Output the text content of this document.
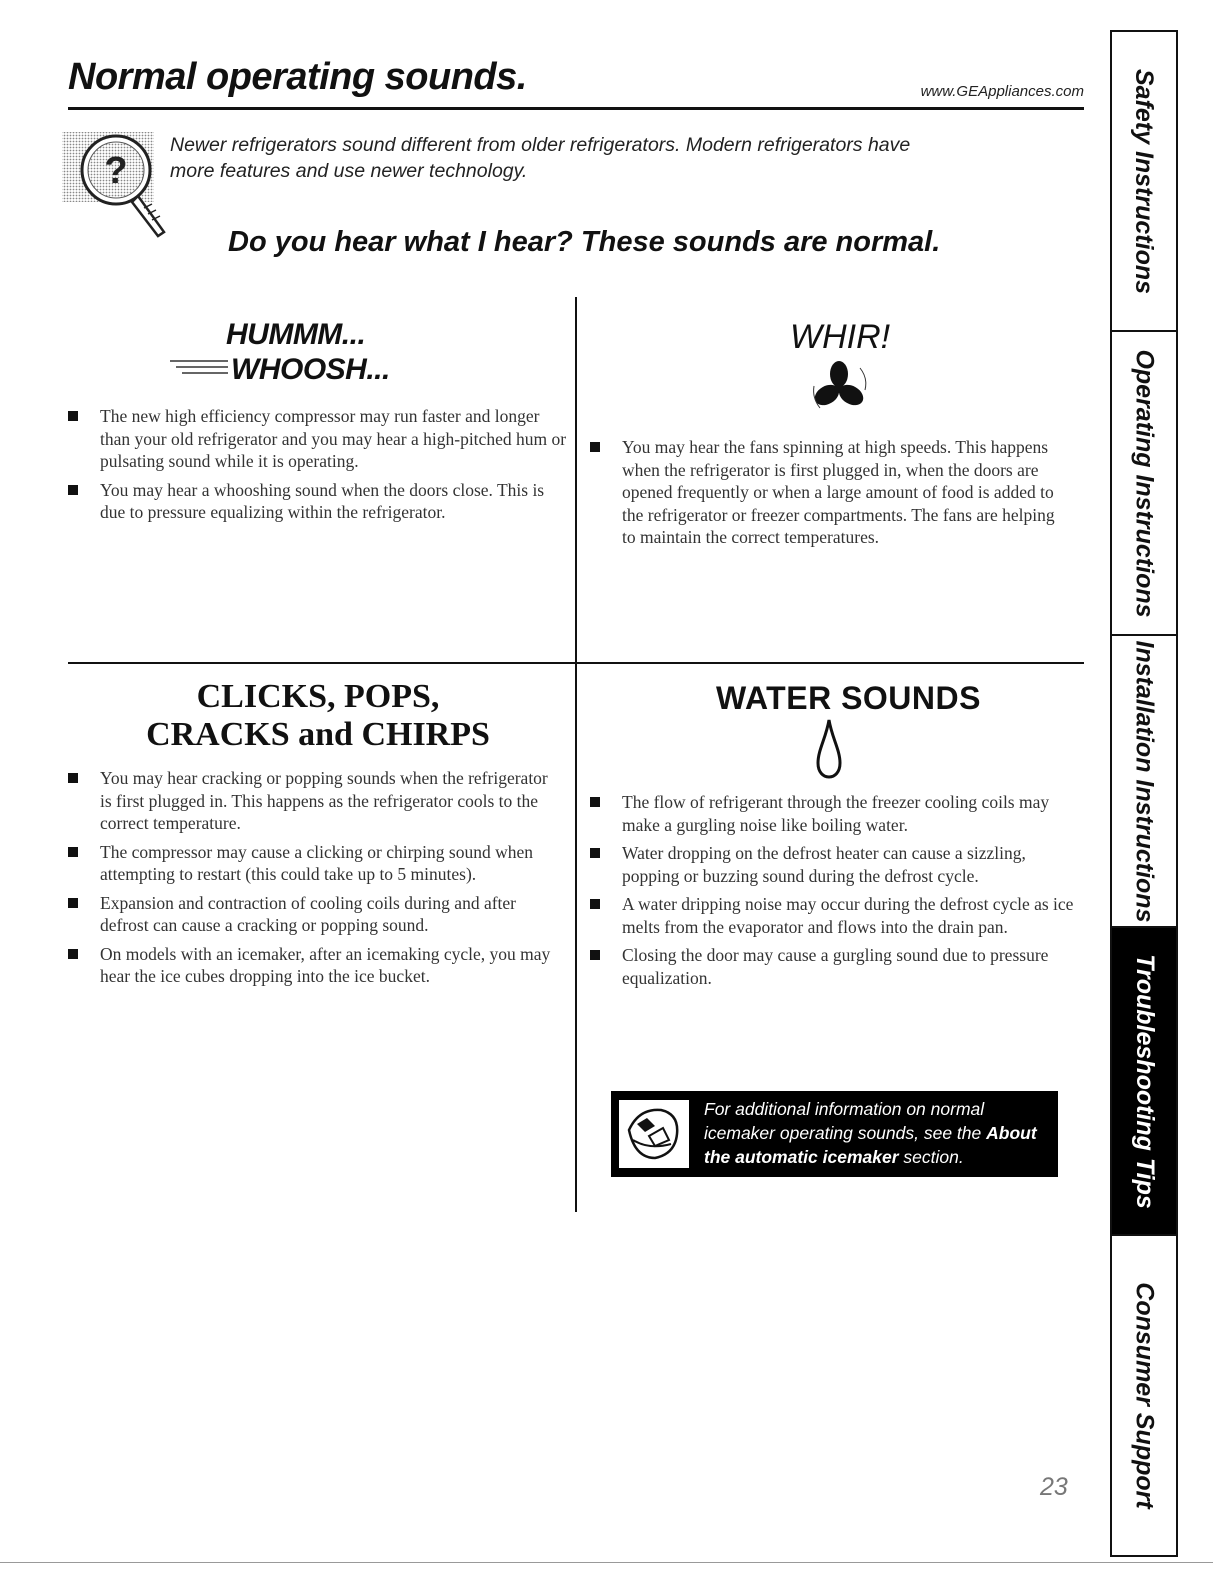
Normal operating sounds.	www.GEAppliances.com
?
Newer refrigerators sound different from older refrigerators. Modern refrigerators have more features and use newer technology.
Do you hear what I hear? These sounds are normal.
HUMMM...
WHOOSH...
The new high efficiency compressor may run faster and longer than your old refrigerator and you may hear a high-pitched hum or pulsating sound while it is operating.
You may hear a whooshing sound when the doors close. This is due to pressure equalizing within the refrigerator.
WHIR!
You may hear the fans spinning at high speeds. This happens when the refrigerator is first plugged in, when the doors are opened frequently or when a large amount of food is added to the refrigerator or freezer compartments. The fans are helping to maintain the correct temperatures.
CLICKS, POPS,
CRACKS and CHIRPS
You may hear cracking or popping sounds when the refrigerator is first plugged in. This happens as the refrigerator cools to the correct temperature.
The compressor may cause a clicking or chirping sound when attempting to restart (this could take up to 5 minutes).
Expansion and contraction of cooling coils during and after defrost can cause a cracking or popping sound.
On models with an icemaker, after an icemaking cycle, you may hear the ice cubes dropping into the ice bucket.
WATER SOUNDS
The flow of refrigerant through the freezer cooling coils may make a gurgling noise like boiling water.
Water dropping on the defrost heater can cause a sizzling, popping or buzzing sound during the defrost cycle.
A water dripping noise may occur during the defrost cycle as ice melts from the evaporator and flows into the drain pan.
Closing the door may cause a gurgling sound due to pressure equalization.
For additional information on normal icemaker operating sounds, see the About the automatic icemaker section.
Safety Instructions
Operating Instructions
Installation Instructions
Troubleshooting Tips
Consumer Support
23
